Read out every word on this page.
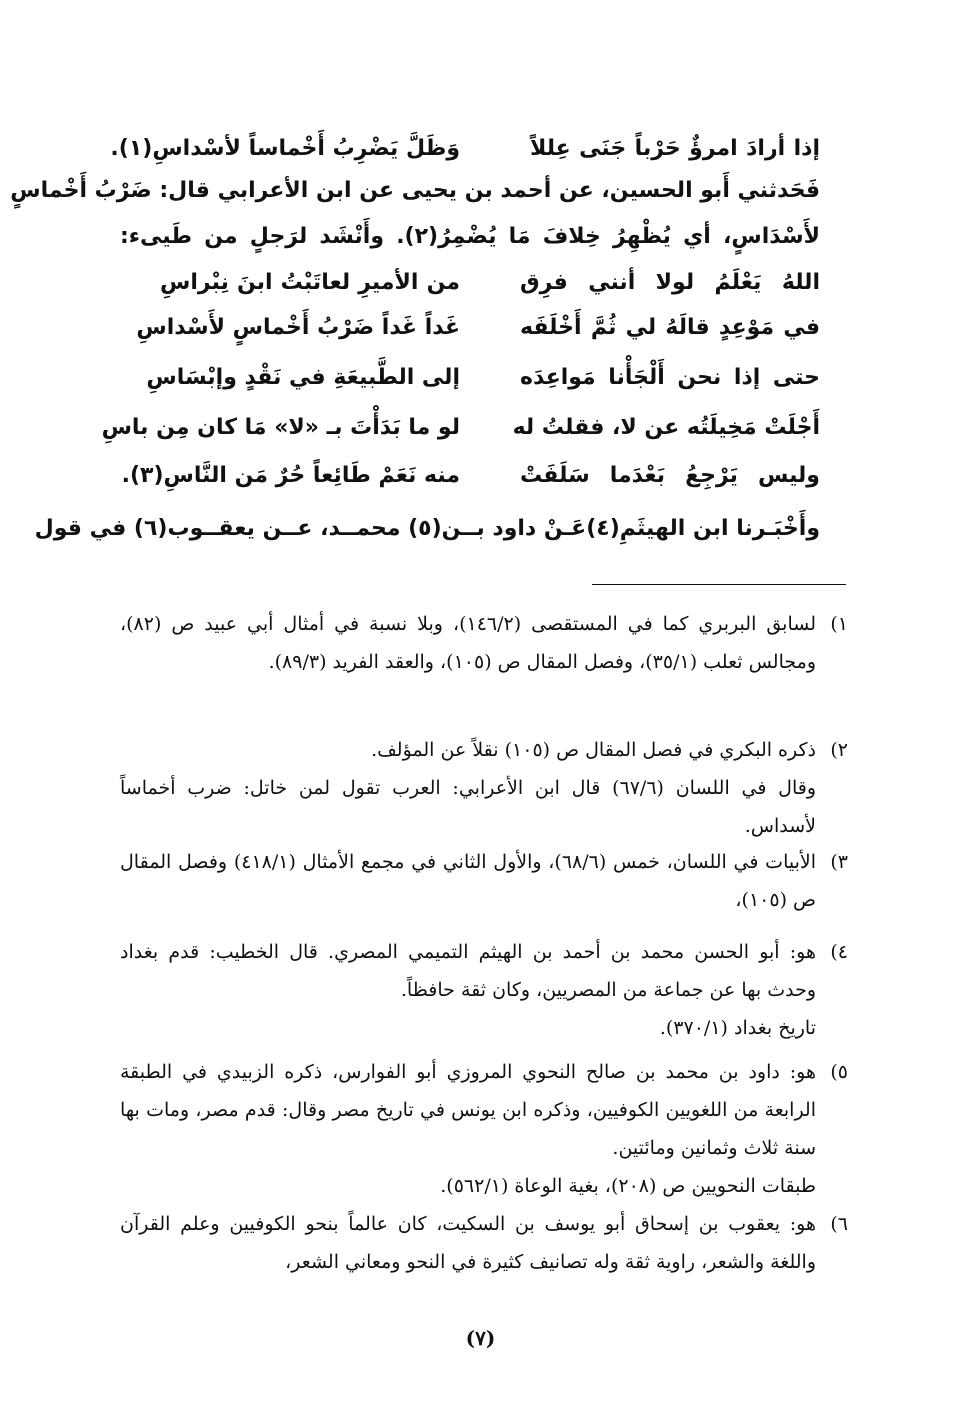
إذا أرادَ امرؤٌ حَرْباً جَنَى عِللاً
وَظَلَّ يَضْرِبُ أَخْماساً لأسْداسِ(١).
فَحَدثني أَبو الحسين، عن أحمد بن يحيى عن ابن الأعرابي قال: ضَرْبُ أَخْماسٍ
لأَسْدَاسٍ، أي يُظْهِرُ خِلافَ مَا يُضْمِرُ(٢). وأَنْشَد لرَجلٍ من طَيىء:
اللهُ يَعْلَمُ لولا أنني فرِق
من الأميرِ لعاتَبْتُ ابنَ نِبْراسِ
في مَوْعِدٍ قالَهُ لي ثُمَّ أَخْلَفَه
غَداً غَداً ضَرْبُ أَخْماسٍ لأَسْداسِ
حتى إذا نحن أَلْجَأْنا مَواعِدَه
إلى الطَّبيعَةِ في نَقْدٍ وإبْسَاسِ
أَجْلَتْ مَخِيلَتُه عن لا، فقلتُ له
لو ما بَدَأْتَ بـ «لا» مَا كان مِن باسِ
وليس يَرْجِعُ بَعْدَما سَلَفَتْ
منه نَعَمْ طَائِعاً حُرٌ مَن النَّاسِ(٣).
وأَخْبَـرنا ابن الهيثَمِ(٤)عَـنْ داود بــن(٥) محمــد، عــن يعقــوب(٦) في قول
١)
لسابق البربري كما في المستقصى (١٤٦/٢)، وبلا نسبة في أمثال أبي عبيد ص (٨٢)، ومجالس ثعلب (٣٥/١)، وفصل المقال ص (١٠٥)، والعقد الفريد (٨٩/٣).
٢)
ذكره البكري في فصل المقال ص (١٠٥) نقلاً عن المؤلف.
وقال في اللسان (٦٧/٦) قال ابن الأعرابي: العرب تقول لمن خاتل: ضرب أخماساً لأسداس.
٣)
الأبيات في اللسان، خمس (٦٨/٦)، والأول الثاني في مجمع الأمثال (٤١٨/١) وفصل المقال ص (١٠٥)،
٤)
هو: أبو الحسن محمد بن أحمد بن الهيثم التميمي المصري. قال الخطيب: قدم بغداد وحدث بها عن جماعة من المصريين، وكان ثقة حافظاً.
تاريخ بغداد (٣٧٠/١).
٥)
هو: داود بن محمد بن صالح النحوي المروزي أبو الفوارس، ذكره الزبيدي في الطبقة الرابعة من اللغويين الكوفيين، وذكره ابن يونس في تاريخ مصر وقال: قدم مصر، ومات بها سنة ثلاث وثمانين ومائتين.
طبقات النحويين ص (٢٠٨)، بغية الوعاة (٥٦٢/١).
٦)
هو: يعقوب بن إسحاق أبو يوسف بن السكيت، كان عالماً بنحو الكوفيين وعلم القرآن واللغة والشعر، راوية ثقة وله تصانيف كثيرة في النحو ومعاني الشعر،
(٧)
